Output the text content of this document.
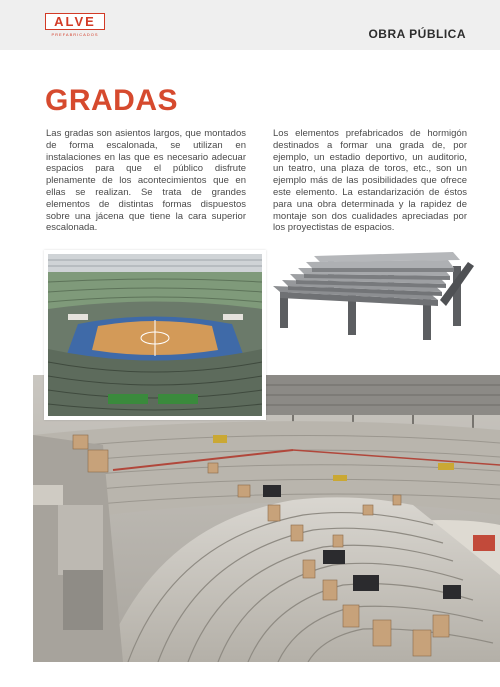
ALVE
PREFABRICADOS	OBRA PÚBLICA
GRADAS

Las gradas son asientos largos, que montados de forma escalonada, se utilizan en instalaciones en las que es necesario adecuar espacios para que el público disfrute plenamente de los acontecimientos que en ellas se realizan. Se trata de grandes elementos de distintas formas dispuestos sobre una jácena que tiene la cara superior escalonada.

Los elementos prefabricados de hormigón destinados a formar una grada de, por ejemplo, un estadio deportivo, un auditorio, un teatro, una plaza de toros, etc., son un ejemplo más de las posibilidades que ofrece este elemento. La estandarización de éstos para una obra determinada y la rapidez de montaje son dos cualidades apreciadas por los proyectistas de espacios.
